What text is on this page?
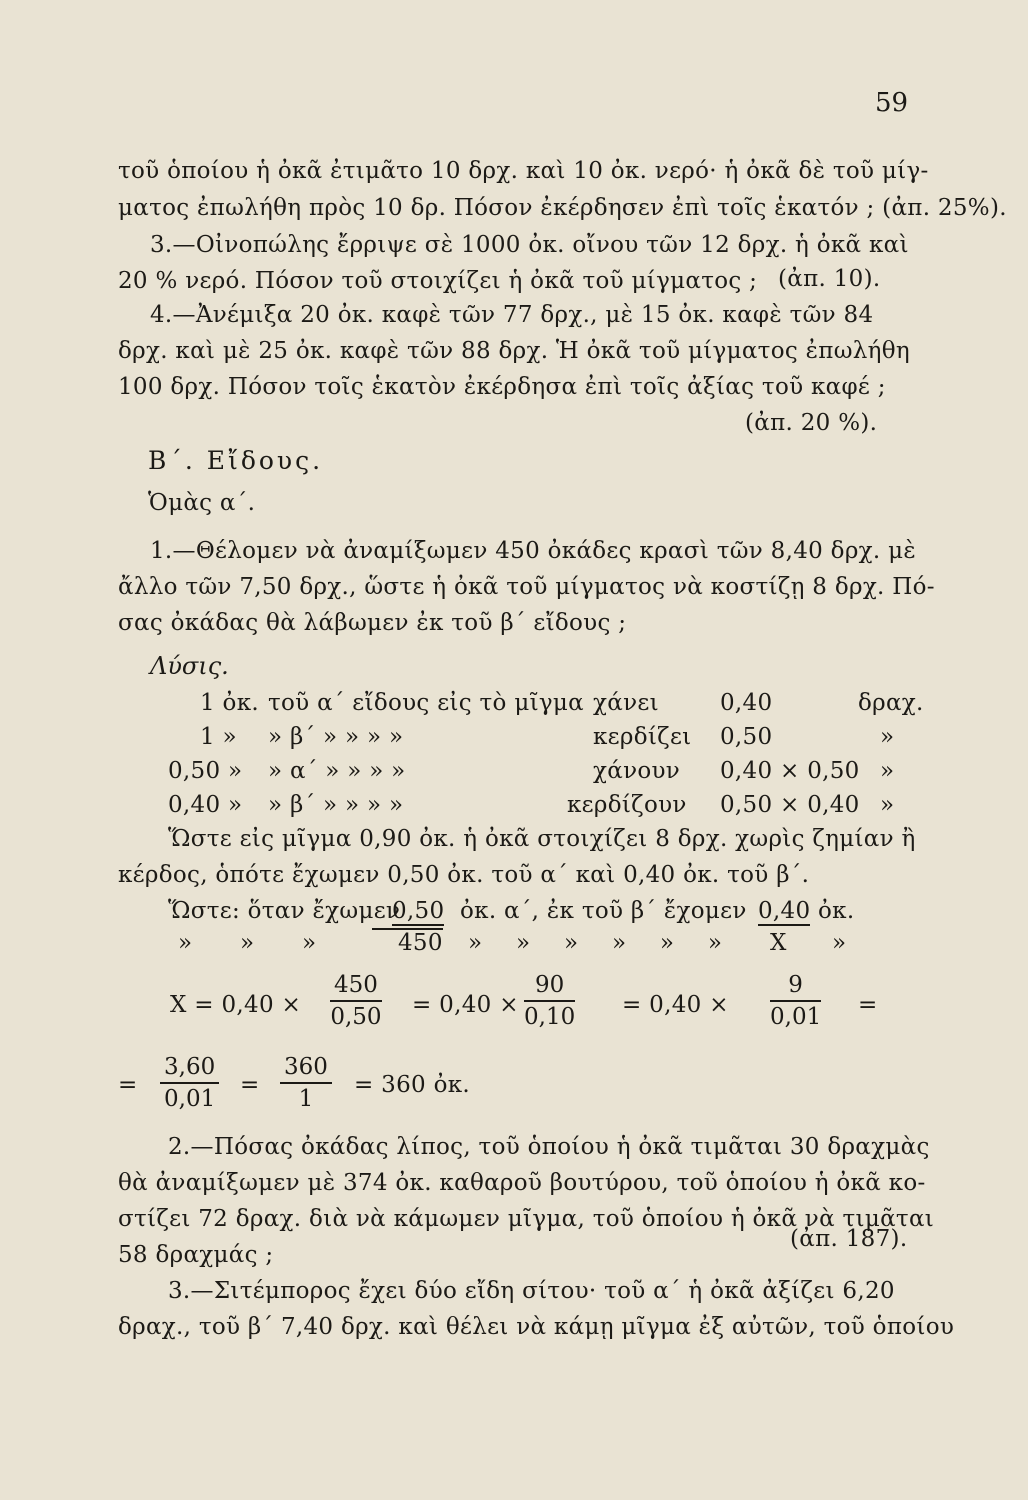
59
τοῦ ὁποίου ἡ ὀκᾶ ἐτιμᾶτο 10 δρχ. καὶ 10 ὀκ. νερό· ἡ ὀκᾶ δὲ τοῦ μίγ-
ματος ἐπωλήθη πρὸς 10 δρ. Πόσον ἐκέρδησεν ἐπὶ τοῖς ἑκατόν ; (ἀπ. 25%).
3.—Οἰνοπώλης ἔρριψε σὲ 1000 ὀκ. οἴνου τῶν 12 δρχ. ἡ ὀκᾶ καὶ
20 % νερό. Πόσον τοῦ στοιχίζει ἡ ὀκᾶ τοῦ μίγματος ; (ἀπ. 10).
4.—Ἀνέμιξα 20 ὀκ. καφὲ τῶν 77 δρχ., μὲ 15 ὀκ. καφὲ τῶν 84
δρχ. καὶ μὲ 25 ὀκ. καφὲ τῶν 88 δρχ. Ἡ ὀκᾶ τοῦ μίγματος ἐπωλήθη
100 δρχ. Πόσον τοῖς ἑκατὸν ἐκέρδησα ἐπὶ τοῖς ἀξίας τοῦ καφέ ;
(ἀπ. 20 %).
Β΄. Εἴδους.
Ὁμὰς α΄.
1.—Θέλομεν νὰ ἀναμίξωμεν 450 ὀκάδες κρασὶ τῶν 8,40 δρχ. μὲ
ἄλλο τῶν 7,50 δρχ., ὥστε ἡ ὀκᾶ τοῦ μίγματος νὰ κοστίζῃ 8 δρχ. Πό-
σας ὀκάδας θὰ λάβωμεν ἐκ τοῦ β΄ εἴδους ;
Λύσις.
1 ὀκ. τοῦ α΄ εἴδους εἰς τὸ μῖγμα χάνει	0,40	δραχ.
1 » » β΄ » » » »	κερδίζει 0,50	»
0,50 » » α΄ » » » »	χάνουν 0,40 × 0,50 »
0,40 » » β΄ » » » »	κερδίζουν 0,50 × 0,40 »
Ὥστε εἰς μῖγμα 0,90 ὀκ. ἡ ὀκᾶ στοιχίζει 8 δρχ. χωρὶς ζημίαν ἢ
κέρδος, ὁπότε ἔχωμεν 0,50 ὀκ. τοῦ α΄ καὶ 0,40 ὀκ. τοῦ β΄.
Ὥστε: ὅταν ἔχωμεν
0,50 ὀκ. α΄, ἐκ τοῦ β΄ ἔχομεν 0,40 ὀκ.
» » »	450 » » » » » » X »
$X = 0,40 \times \frac{450}{0,50} = 0,40 \times \frac{90}{0,10} = 0,40 \times \frac{9}{0,01}$ =
= $\frac{3,60}{0,01} = \frac{360}{1} = 360$ ὀκ.
2.—Πόσας ὀκάδας λίπος, τοῦ ὁποίου ἡ ὀκᾶ τιμᾶται 30 δραχμὰς
θὰ ἀναμίξωμεν μὲ 374 ὀκ. καθαροῦ βουτύρου, τοῦ ὁποίου ἡ ὀκᾶ κο-
στίζει 72 δραχ. διὰ νὰ κάμωμεν μῖγμα, τοῦ ὁποίου ἡ ὀκᾶ νὰ τιμᾶται
(ἀπ. 187).
58 δραχμάς ;
3.—Σιτέμπορος ἔχει δύο εἴδη σίτου· τοῦ α΄ ἡ ὀκᾶ ἀξίζει 6,20
δραχ., τοῦ β΄ 7,40 δρχ. καὶ θέλει νὰ κάμῃ μῖγμα ἐξ αὐτῶν, τοῦ ὁποίου
